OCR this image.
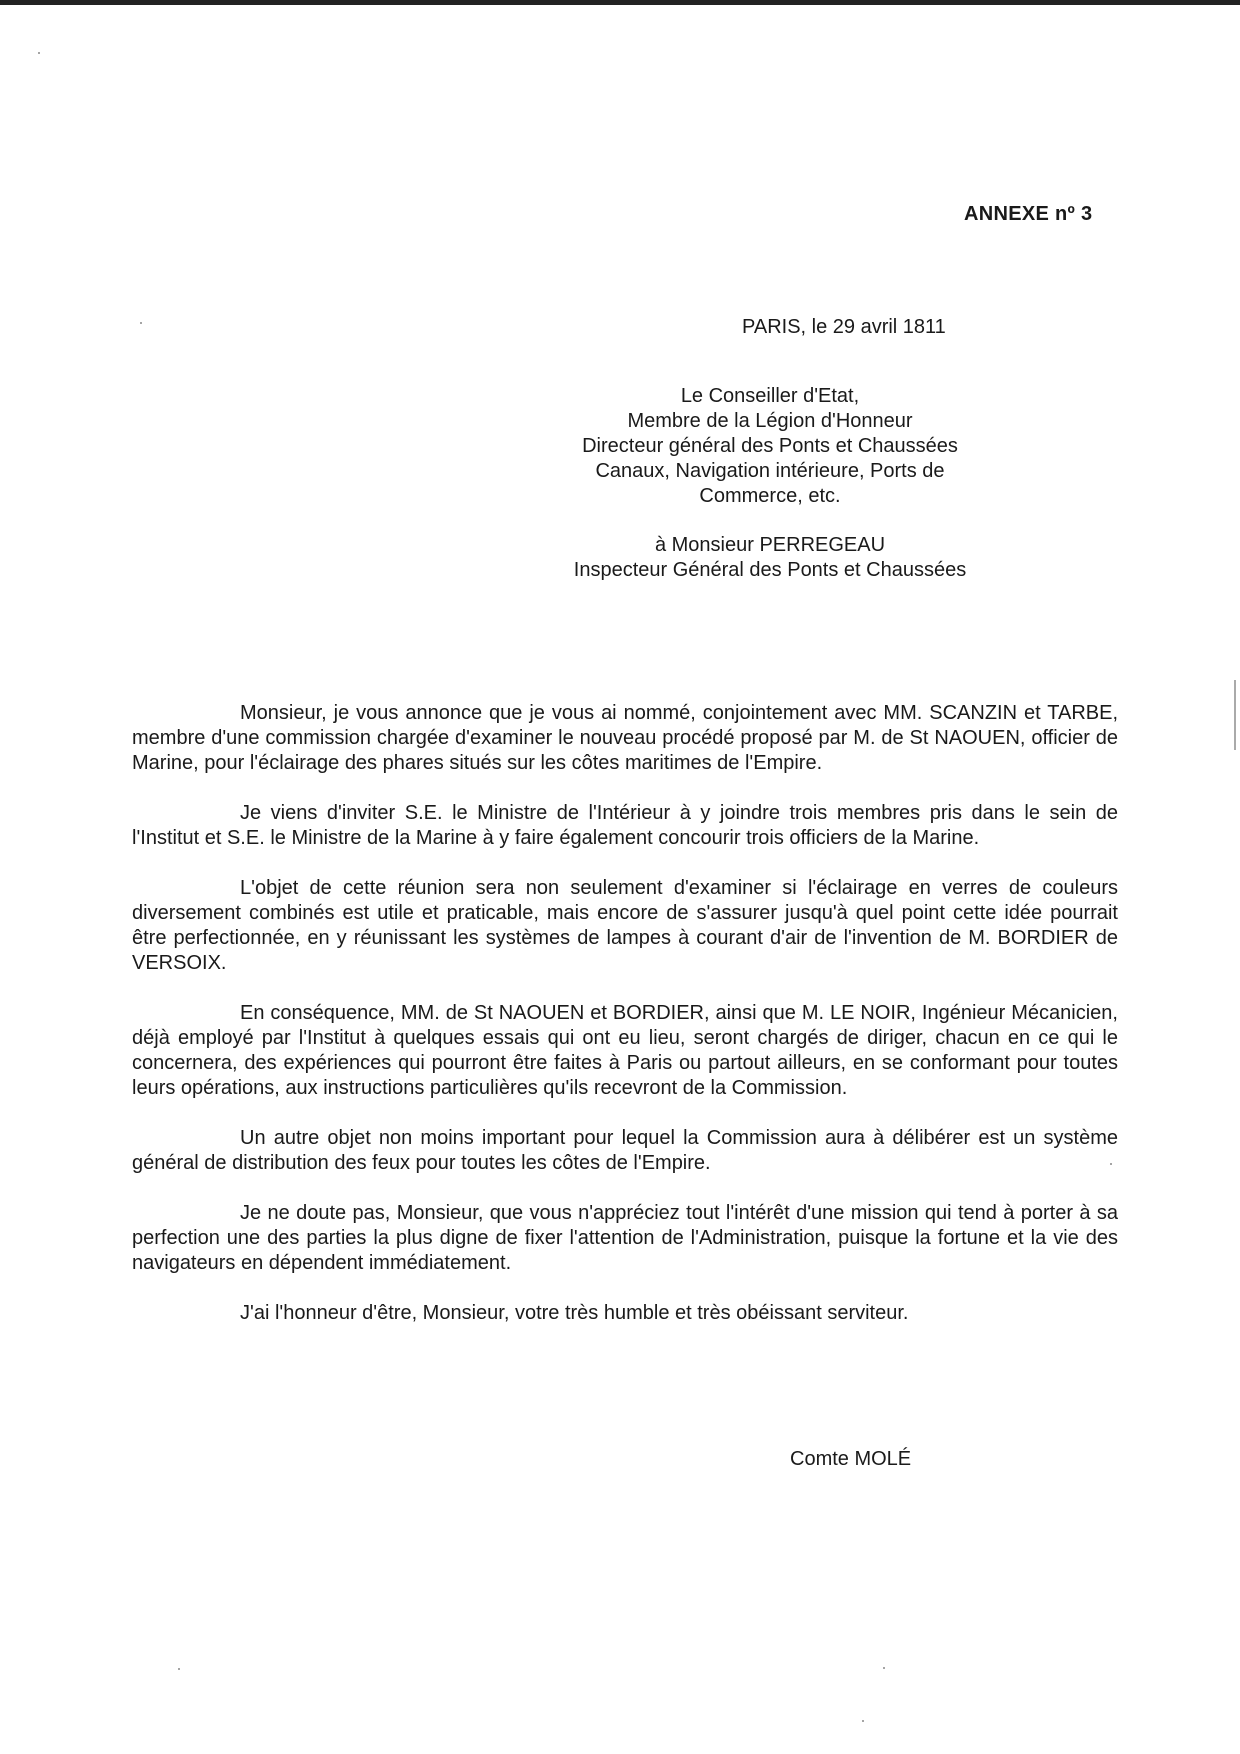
ANNEXE nº 3
PARIS, le 29 avril 1811
Le Conseiller d'Etat,
Membre de la Légion d'Honneur
Directeur général des Ponts et Chaussées
Canaux, Navigation intérieure, Ports de
Commerce, etc.
à Monsieur PERREGEAU
Inspecteur Général des Ponts et Chaussées

Monsieur, je vous annonce que je vous ai nommé, conjointement avec MM. SCANZIN et TARBE, membre d'une commission chargée d'examiner le nouveau procédé proposé par M. de St NAOUEN, officier de Marine, pour l'éclairage des phares situés sur les côtes maritimes de l'Empire.

Je viens d'inviter S.E. le Ministre de l'Intérieur à y joindre trois membres pris dans le sein de l'Institut et S.E. le Ministre de la Marine à y faire également concourir trois officiers de la Marine.

L'objet de cette réunion sera non seulement d'examiner si l'éclairage en verres de couleurs diversement combinés est utile et praticable, mais encore de s'assurer jusqu'à quel point cette idée pourrait être perfectionnée, en y réunissant les systèmes de lampes à courant d'air de l'invention de M. BORDIER de VERSOIX.

En conséquence, MM. de St NAOUEN et BORDIER, ainsi que M. LE NOIR, Ingénieur Mécanicien, déjà employé par l'Institut à quelques essais qui ont eu lieu, seront chargés de diriger, chacun en ce qui le concernera, des expériences qui pourront être faites à Paris ou partout ailleurs, en se conformant pour toutes leurs opérations, aux instructions particulières qu'ils recevront de la Commission.

Un autre objet non moins important pour lequel la Commission aura à délibérer est un système général de distribution des feux pour toutes les côtes de l'Empire.

Je ne doute pas, Monsieur, que vous n'appréciez tout l'intérêt d'une mission qui tend à porter à sa perfection une des parties la plus digne de fixer l'attention de l'Administration, puisque la fortune et la vie des navigateurs en dépendent immédiatement.

J'ai l'honneur d'être, Monsieur, votre très humble et très obéissant serviteur.

Comte MOLÉ
